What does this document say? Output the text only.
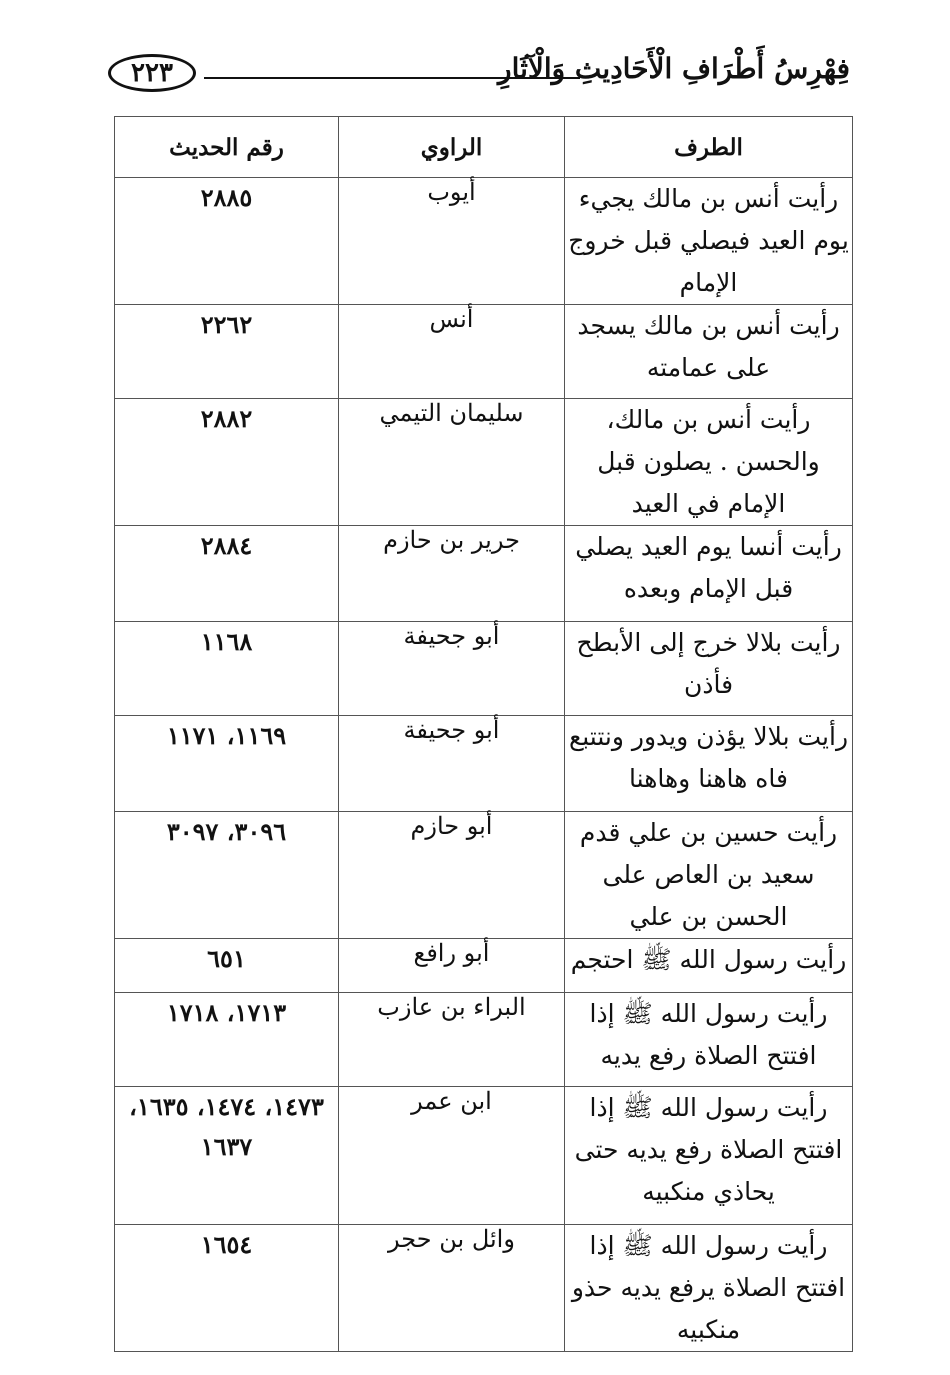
٢٢٣	فِهْرِسُ أَطْرَافِ الْأَحَادِيثِ وَالْآثَارِ
الطرف	الراوي	رقم الحديث
رأيت أنس بن مالك يجيء يوم العيد فيصلي قبل خروج الإمام	أيوب	٢٨٨٥
رأيت أنس بن مالك يسجد على عمامته	أنس	٢٢٦٢
رأيت أنس بن مالك، والحسن . يصلون قبل الإمام في العيد	سليمان التيمي	٢٨٨٢
رأيت أنسا يوم العيد يصلي قبل الإمام وبعده	جرير بن حازم	٢٨٨٤
رأيت بلالا خرج إلى الأبطح فأذن	أبو جحيفة	١١٦٨
رأيت بلالا يؤذن ويدور ونتتبع فاه هاهنا وهاهنا	أبو جحيفة	١١٦٩، ١١٧١
رأيت حسين بن علي قدم سعيد بن العاص على الحسن بن علي	أبو حازم	٣٠٩٦، ٣٠٩٧
رأيت رسول الله ﷺ احتجم	أبو رافع	٦٥١
رأيت رسول الله ﷺ إذا افتتح الصلاة رفع يديه	البراء بن عازب	١٧١٣، ١٧١٨
رأيت رسول الله ﷺ إذا افتتح الصلاة رفع يديه حتى يحاذي منكبيه	ابن عمر	١٤٧٣، ١٤٧٤، ١٦٣٥، ١٦٣٧
رأيت رسول الله ﷺ إذا افتتح الصلاة يرفع يديه حذو منكبيه	وائل بن حجر	١٦٥٤
